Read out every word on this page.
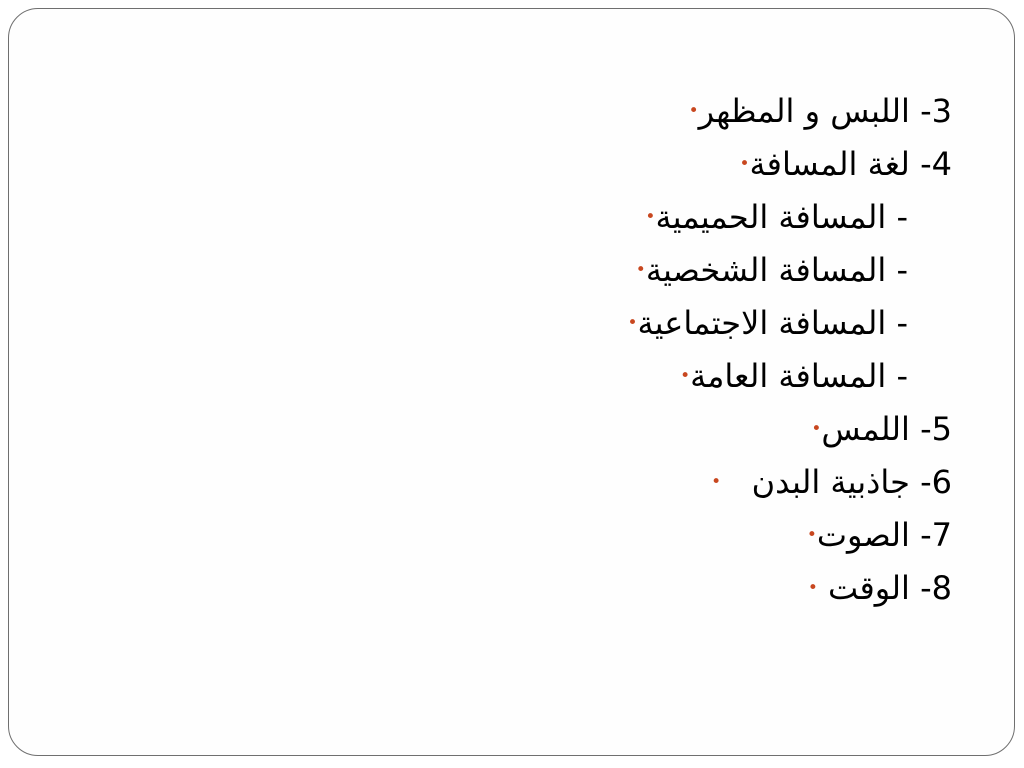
3- اللبس و المظهر
•
4- لغة المسافة
•
- المسافة الحميمية
•
- المسافة الشخصية
•
- المسافة الاجتماعية
•
- المسافة العامة
•
5- اللمس
•
6- جاذبية البدن
•
7- الصوت
•
8- الوقت
•
